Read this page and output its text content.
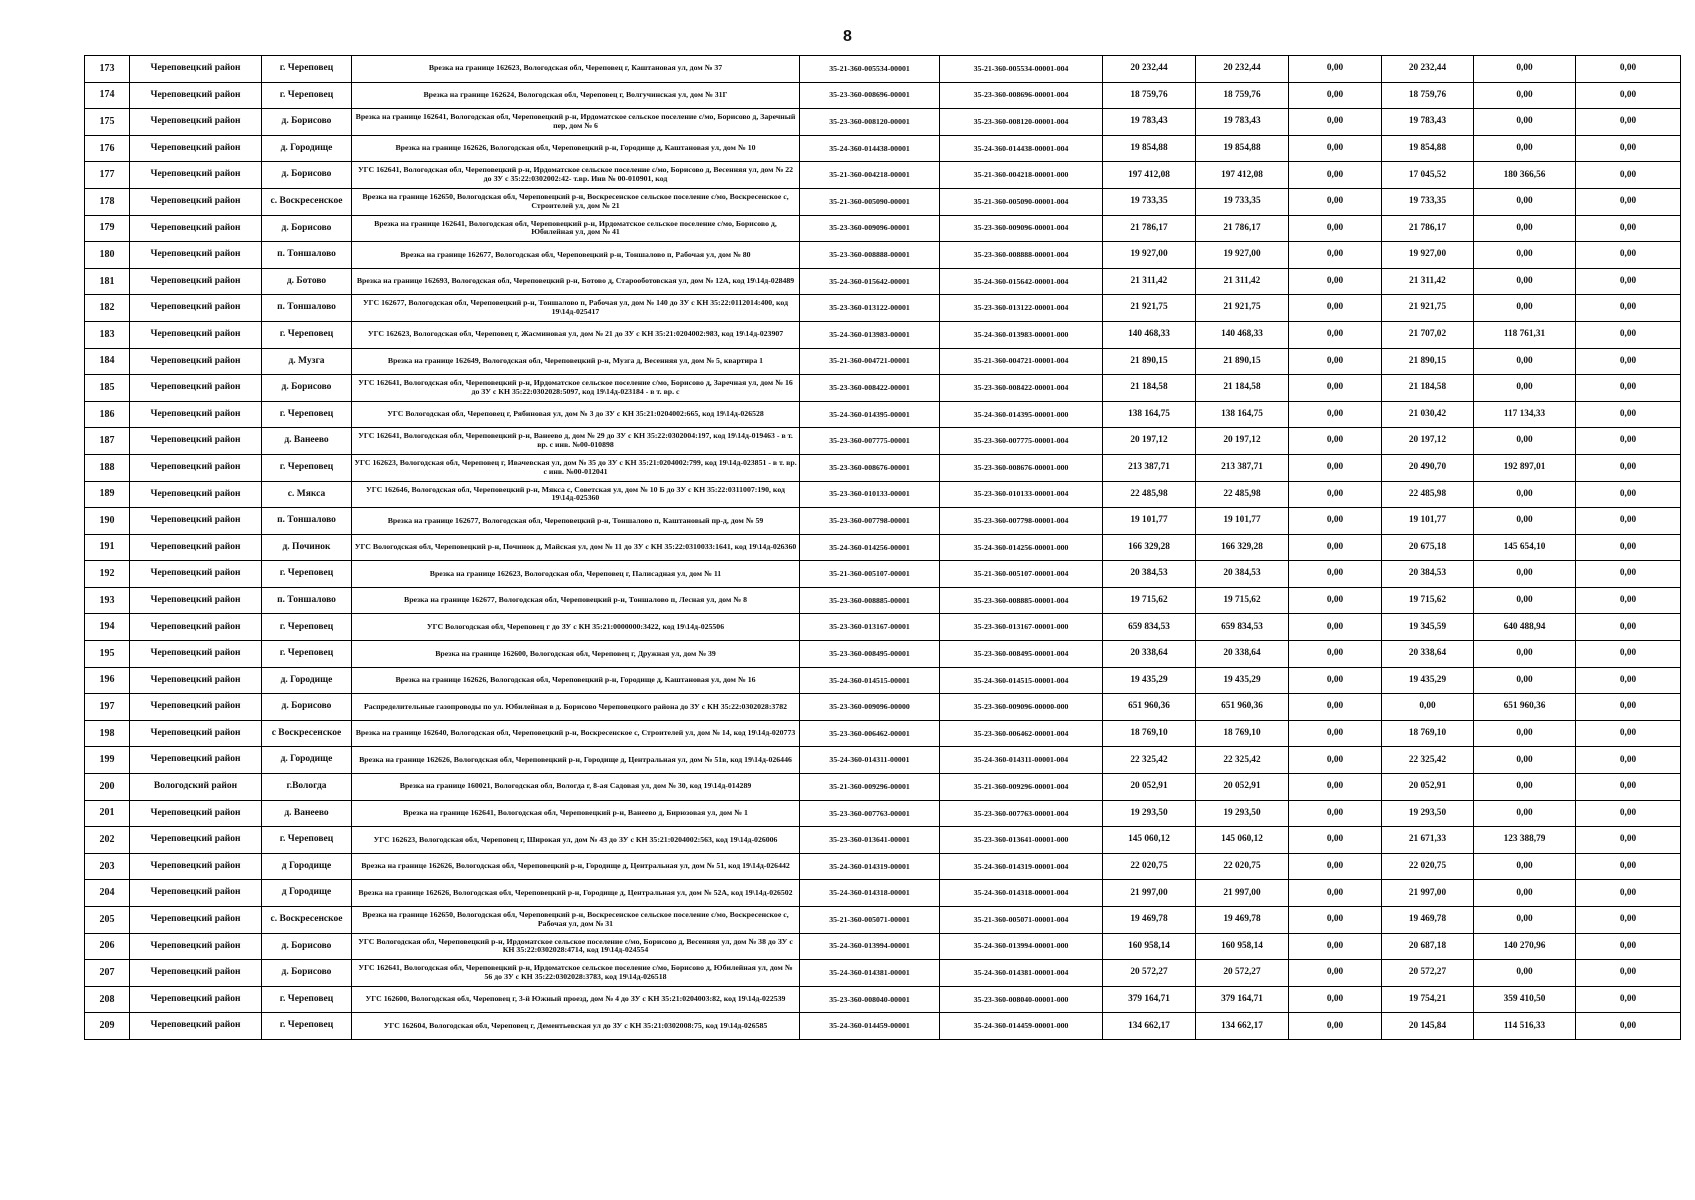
8
173	Череповецкий район	г. Череповец	Врезка на границе 162623, Вологодская обл, Череповец г, Каштановая ул, дом № 37	35-21-360-005534-00001	35-21-360-005534-00001-004	20 232,44	20 232,44	0,00	20 232,44	0,00	0,00
174	Череповецкий район	г. Череповец	Врезка на границе 162624, Вологодская обл, Череповец г, Волгучинская ул, дом № 31Г	35-23-360-008696-00001	35-23-360-008696-00001-004	18 759,76	18 759,76	0,00	18 759,76	0,00	0,00
175	Череповецкий район	д. Борисово	Врезка на границе 162641, Вологодская обл, Череповецкий р-н, Ирдоматское сельское поселение с/мо, Борисово д, Заречный пер, дом № 6	35-23-360-008120-00001	35-23-360-008120-00001-004	19 783,43	19 783,43	0,00	19 783,43	0,00	0,00
176	Череповецкий район	д. Городище	Врезка на границе 162626, Вологодская обл, Череповецкий р-н, Городище д, Каштановая ул, дом № 10	35-24-360-014438-00001	35-24-360-014438-00001-004	19 854,88	19 854,88	0,00	19 854,88	0,00	0,00
177	Череповецкий район	д. Борисово	УГС 162641, Вологодская обл, Череповецкий р-н, Ирдоматское сельское поселение с/мо, Борисово д, Весенняя ул, дом № 22 до ЗУ с 35:22:0302002:42- т.вр. Инв № 00-010901, код	35-21-360-004218-00001	35-21-360-004218-00001-000	197 412,08	197 412,08	0,00	17 045,52	180 366,56	0,00
178	Череповецкий район	с. Воскресенское	Врезка на границе 162650, Вологодская обл, Череповецкий р-н, Воскресенское сельское поселение с/мо, Воскресенское с, Строителей ул, дом № 21	35-21-360-005090-00001	35-21-360-005090-00001-004	19 733,35	19 733,35	0,00	19 733,35	0,00	0,00
179	Череповецкий район	д. Борисово	Врезка на границе 162641, Вологодская обл, Череповецкий р-н, Ирдоматское сельское поселение с/мо, Борисово д, Юбилейная ул, дом № 41	35-23-360-009096-00001	35-23-360-009096-00001-004	21 786,17	21 786,17	0,00	21 786,17	0,00	0,00
180	Череповецкий район	п. Тоншалово	Врезка на границе 162677, Вологодская обл, Череповецкий р-н, Тоншалово п, Рабочая ул, дом № 80	35-23-360-008888-00001	35-23-360-008888-00001-004	19 927,00	19 927,00	0,00	19 927,00	0,00	0,00
181	Череповецкий район	д. Ботово	Врезка на границе 162693, Вологодская обл, Череповецкий р-н, Ботово д, Старооботовская ул, дом № 12А, код 19\14д-028489	35-24-360-015642-00001	35-24-360-015642-00001-004	21 311,42	21 311,42	0,00	21 311,42	0,00	0,00
182	Череповецкий район	п. Тоншалово	УГС 162677, Вологодская обл, Череповецкий р-н, Тоншалово п, Рабочая ул, дом № 140 до ЗУ с КН 35:22:0112014:400, код 19\14д-025417	35-23-360-013122-00001	35-23-360-013122-00001-004	21 921,75	21 921,75	0,00	21 921,75	0,00	0,00
183	Череповецкий район	г. Череповец	УГС 162623, Вологодская обл, Череповец г, Жасминовая ул, дом № 21 до ЗУ с КН 35:21:0204002:983, код 19\14д-023907	35-24-360-013983-00001	35-24-360-013983-00001-000	140 468,33	140 468,33	0,00	21 707,02	118 761,31	0,00
184	Череповецкий район	д. Музга	Врезка на границе 162649, Вологодская обл, Череповецкий р-н, Музга д, Весенняя ул, дом № 5, квартира 1	35-21-360-004721-00001	35-21-360-004721-00001-004	21 890,15	21 890,15	0,00	21 890,15	0,00	0,00
185	Череповецкий район	д. Борисово	УГС 162641, Вологодская обл, Череповецкий р-н, Ирдоматское сельское поселение с/мо, Борисово д, Заречная ул, дом № 16 до ЗУ с КН 35:22:0302028:5097, код 19\14д-023184 - в т. вр. с	35-23-360-008422-00001	35-23-360-008422-00001-004	21 184,58	21 184,58	0,00	21 184,58	0,00	0,00
186	Череповецкий район	г. Череповец	УГС Вологодская обл, Череповец г, Рябиновая ул, дом № 3 до ЗУ с КН 35:21:0204002:665, код 19\14д-026528	35-24-360-014395-00001	35-24-360-014395-00001-000	138 164,75	138 164,75	0,00	21 030,42	117 134,33	0,00
187	Череповецкий район	д. Ванеево	УГС 162641, Вологодская обл, Череповецкий р-н, Ванеево д, дом № 29 до ЗУ с КН 35:22:0302004:197, код 19\14д-019463 - в т. вр. с инв. №00-010898	35-23-360-007775-00001	35-23-360-007775-00001-004	20 197,12	20 197,12	0,00	20 197,12	0,00	0,00
188	Череповецкий район	г. Череповец	УГС 162623, Вологодская обл, Череповец г, Ивачевская ул, дом № 35 до ЗУ с КН 35:21:0204002:799, код 19\14д-023851 - в т. вр. с инв. №00-012041	35-23-360-008676-00001	35-23-360-008676-00001-000	213 387,71	213 387,71	0,00	20 490,70	192 897,01	0,00
189	Череповецкий район	с. Мякса	УГС 162646, Вологодская обл, Череповецкий р-н, Мякса с, Советская ул, дом № 10 Б до ЗУ с КН 35:22:0311007:190, код 19\14д-025360	35-23-360-010133-00001	35-23-360-010133-00001-004	22 485,98	22 485,98	0,00	22 485,98	0,00	0,00
190	Череповецкий район	п. Тоншалово	Врезка на границе 162677, Вологодская обл, Череповецкий р-н, Тоншалово п, Каштановый пр-д, дом № 59	35-23-360-007798-00001	35-23-360-007798-00001-004	19 101,77	19 101,77	0,00	19 101,77	0,00	0,00
191	Череповецкий район	д. Починок	УГС Вологодская обл, Череповецкий р-н, Починок д, Майская ул, дом № 11 до ЗУ с КН 35:22:0310033:1641, код 19\14д-026360	35-24-360-014256-00001	35-24-360-014256-00001-000	166 329,28	166 329,28	0,00	20 675,18	145 654,10	0,00
192	Череповецкий район	г. Череповец	Врезка на границе 162623, Вологодская обл, Череповец г, Палисадная ул, дом № 11	35-21-360-005107-00001	35-21-360-005107-00001-004	20 384,53	20 384,53	0,00	20 384,53	0,00	0,00
193	Череповецкий район	п. Тоншалово	Врезка на границе 162677, Вологодская обл, Череповецкий р-н, Тоншалово п, Лесная ул, дом № 8	35-23-360-008885-00001	35-23-360-008885-00001-004	19 715,62	19 715,62	0,00	19 715,62	0,00	0,00
194	Череповецкий район	г. Череповец	УГС Вологодская обл, Череповец г до ЗУ с КН 35:21:0000000:3422, код 19\14д-025506	35-23-360-013167-00001	35-23-360-013167-00001-000	659 834,53	659 834,53	0,00	19 345,59	640 488,94	0,00
195	Череповецкий район	г. Череповец	Врезка на границе 162600, Вологодская обл, Череповец г, Дружная ул, дом № 39	35-23-360-008495-00001	35-23-360-008495-00001-004	20 338,64	20 338,64	0,00	20 338,64	0,00	0,00
196	Череповецкий район	д. Городище	Врезка на границе 162626, Вологодская обл, Череповецкий р-н, Городище д, Каштановая ул, дом № 16	35-24-360-014515-00001	35-24-360-014515-00001-004	19 435,29	19 435,29	0,00	19 435,29	0,00	0,00
197	Череповецкий район	д. Борисово	Распределительные газопроводы по ул. Юбилейная в д. Борисово Череповецкого района до ЗУ с КН 35:22:0302028:3782	35-23-360-009096-00000	35-23-360-009096-00000-000	651 960,36	651 960,36	0,00	0,00	651 960,36	0,00
198	Череповецкий район	с Воскресенское	Врезка на границе 162640, Вологодская обл, Череповецкий р-н, Воскресенское с, Строителей ул, дом № 14, код 19\14д-020773	35-23-360-006462-00001	35-23-360-006462-00001-004	18 769,10	18 769,10	0,00	18 769,10	0,00	0,00
199	Череповецкий район	д. Городище	Врезка на границе 162626, Вологодская обл, Череповецкий р-н, Городище д, Центральная ул, дом № 51в, код 19\14д-026446	35-24-360-014311-00001	35-24-360-014311-00001-004	22 325,42	22 325,42	0,00	22 325,42	0,00	0,00
200	Вологодский район	г.Вологда	Врезка на границе 160021, Вологодская обл, Вологда г, 8-ая Садовая ул, дом № 30, код 19\14д-014289	35-21-360-009296-00001	35-21-360-009296-00001-004	20 052,91	20 052,91	0,00	20 052,91	0,00	0,00
201	Череповецкий район	д. Ванеево	Врезка на границе 162641, Вологодская обл, Череповецкий р-н, Ванеево д, Бирюзовая ул, дом № 1	35-23-360-007763-00001	35-23-360-007763-00001-004	19 293,50	19 293,50	0,00	19 293,50	0,00	0,00
202	Череповецкий район	г. Череповец	УГС 162623, Вологодская обл, Череповец г, Широкая ул, дом № 43 до ЗУ с КН 35:21:0204002:563, код 19\14д-026006	35-23-360-013641-00001	35-23-360-013641-00001-000	145 060,12	145 060,12	0,00	21 671,33	123 388,79	0,00
203	Череповецкий район	д Городище	Врезка на границе 162626, Вологодская обл, Череповецкий р-н, Городище д, Центральная ул, дом № 51, код 19\14д-026442	35-24-360-014319-00001	35-24-360-014319-00001-004	22 020,75	22 020,75	0,00	22 020,75	0,00	0,00
204	Череповецкий район	д Городище	Врезка на границе 162626, Вологодская обл, Череповецкий р-н, Городище д, Центральная ул, дом № 52А, код 19\14д-026502	35-24-360-014318-00001	35-24-360-014318-00001-004	21 997,00	21 997,00	0,00	21 997,00	0,00	0,00
205	Череповецкий район	с. Воскресенское	Врезка на границе 162650, Вологодская обл, Череповецкий р-н, Воскресенское сельское поселение с/мо, Воскресенское с, Рабочая ул, дом № 31	35-21-360-005071-00001	35-21-360-005071-00001-004	19 469,78	19 469,78	0,00	19 469,78	0,00	0,00
206	Череповецкий район	д. Борисово	УГС Вологодская обл, Череповецкий р-н, Ирдоматское сельское поселение с/мо, Борисово д, Весенняя ул, дом № 38 до ЗУ с КН 35:22:0302028:4714, код 19\14д-024554	35-24-360-013994-00001	35-24-360-013994-00001-000	160 958,14	160 958,14	0,00	20 687,18	140 270,96	0,00
207	Череповецкий район	д. Борисово	УГС 162641, Вологодская обл, Череповецкий р-н, Ирдоматское сельское поселение с/мо, Борисово д, Юбилейная ул, дом № 56 до ЗУ с КН 35:22:0302028:3783, код 19\14д-026518	35-24-360-014381-00001	35-24-360-014381-00001-004	20 572,27	20 572,27	0,00	20 572,27	0,00	0,00
208	Череповецкий район	г. Череповец	УГС 162600, Вологодская обл, Череповец г, 3-й Южный проезд, дом № 4 до ЗУ с КН 35:21:0204003:82, код 19\14д-022539	35-23-360-008040-00001	35-23-360-008040-00001-000	379 164,71	379 164,71	0,00	19 754,21	359 410,50	0,00
209	Череповецкий район	г. Череповец	УГС 162604, Вологодская обл, Череповец г, Дементьевская ул до ЗУ с КН 35:21:0302008:75, код 19\14д-026585	35-24-360-014459-00001	35-24-360-014459-00001-000	134 662,17	134 662,17	0,00	20 145,84	114 516,33	0,00
